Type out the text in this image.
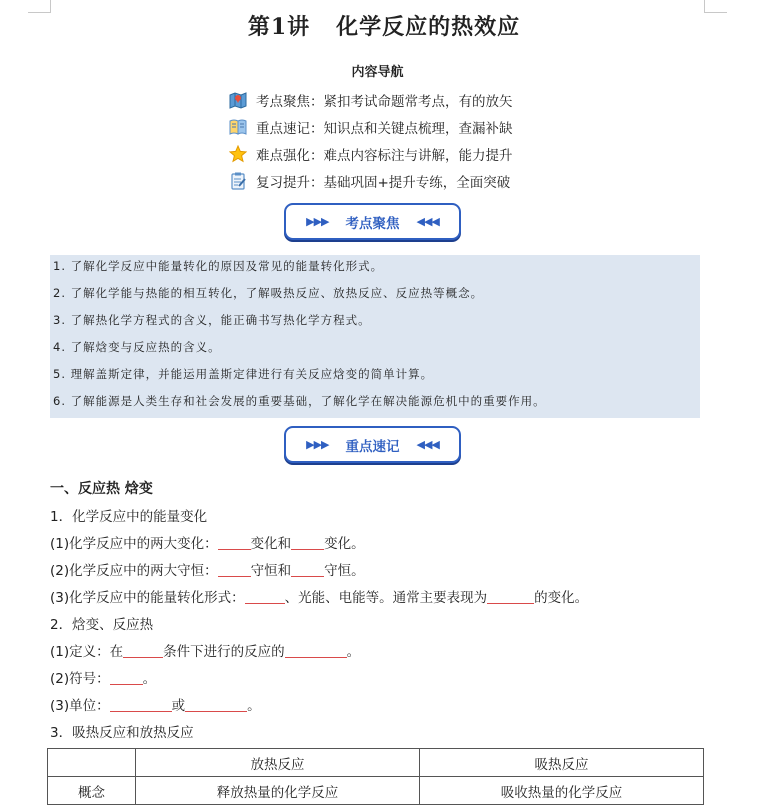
第1讲 化学反应的热效应
内容导航
考点聚焦：紧扣考试命题常考点，有的放矢
重点速记：知识点和关键点梳理，查漏补缺
难点强化：难点内容标注与讲解，能力提升
复习提升：基础巩固+提升专练，全面突破
▶▶▶ 考点聚焦 ◀◀◀
1. 了解化学反应中能量转化的原因及常见的能量转化形式。
2. 了解化学能与热能的相互转化，了解吸热反应、放热反应、反应热等概念。
3. 了解热化学方程式的含义，能正确书写热化学方程式。
4. 了解焓变与反应热的含义。
5. 理解盖斯定律，并能运用盖斯定律进行有关反应焓变的简单计算。
6. 了解能源是人类生存和社会发展的重要基础，了解化学在解决能源危机中的重要作用。
▶▶▶ 重点速记 ◀◀◀
一、反应热 焓变
1．化学反应中的能量变化
(1)化学反应中的两大变化： 变化和 变化。
(2)化学反应中的两大守恒： 守恒和 守恒。
(3)化学反应中的能量转化形式：	、光能、电能等。通常主要表现为	的变化。
2．焓变、反应热
(1)定义：在	条件下进行的反应的	。
(2)符号： 。
(3)单位：	或	。
3．吸热反应和放热反应
	放热反应	吸热反应
概念	释放热量的化学反应	吸收热量的化学反应
